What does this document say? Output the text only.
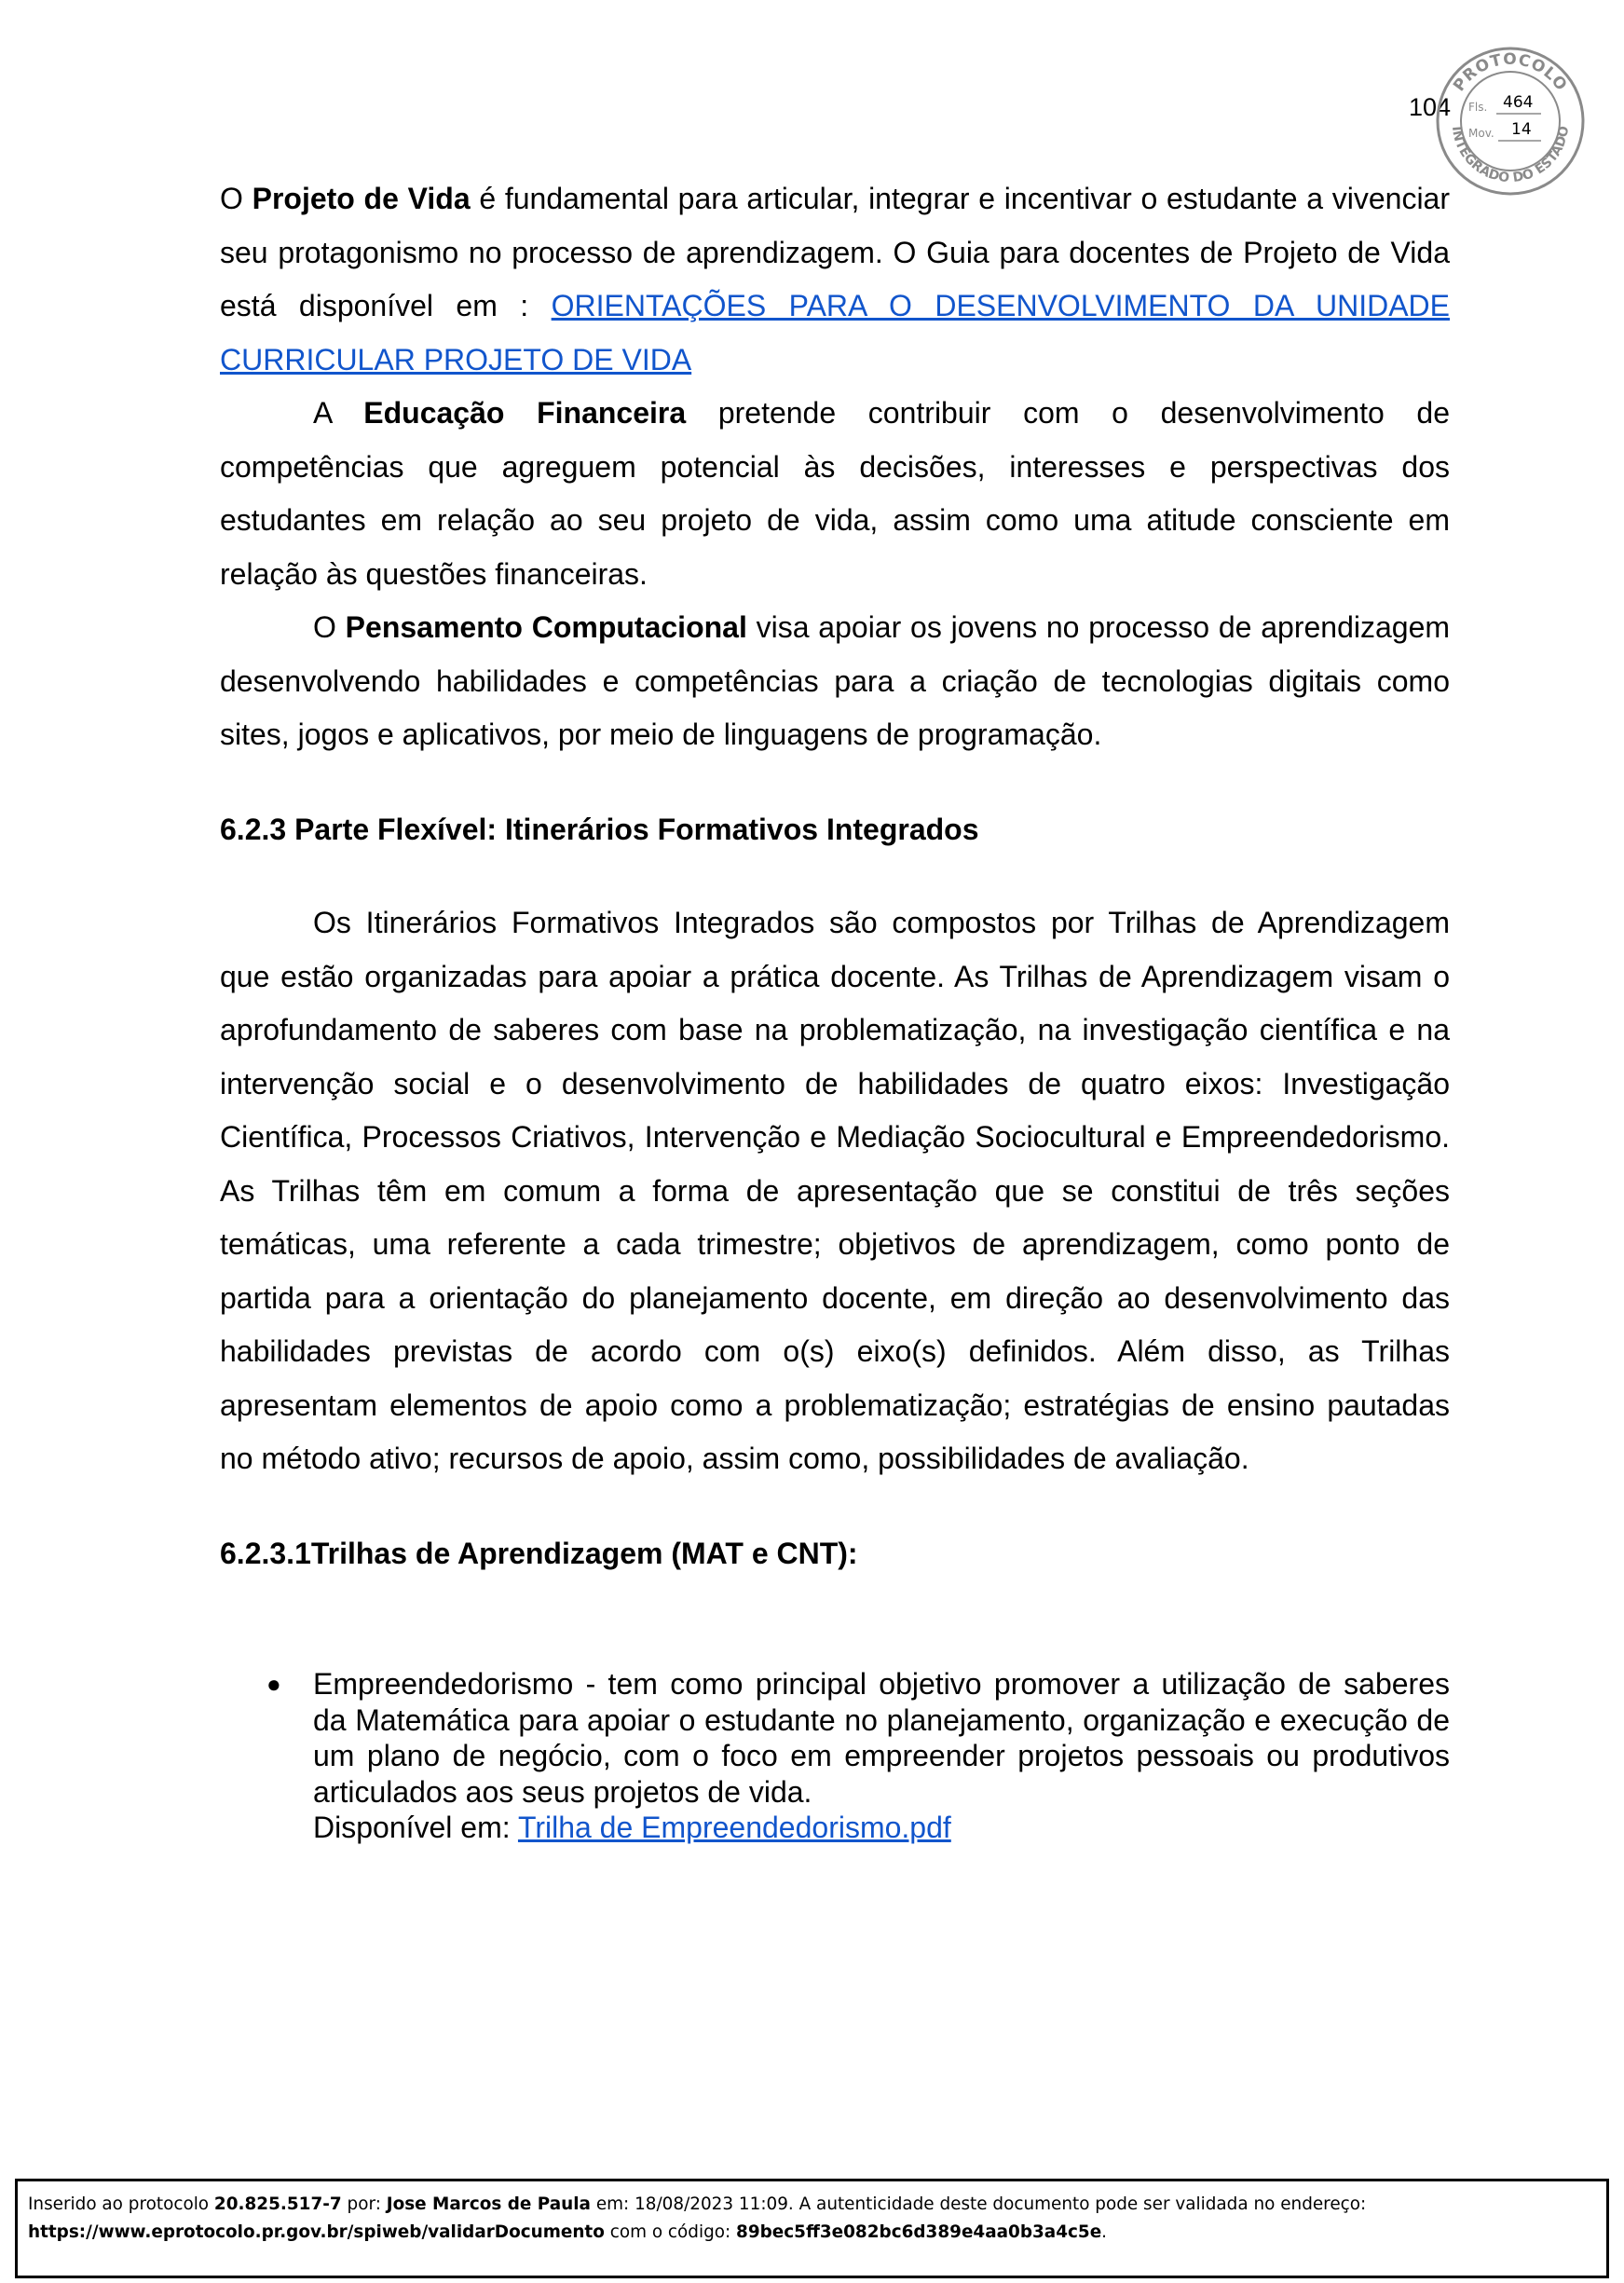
104
PROTOCOLO
INTEGRADO DO ESTADO
Fls. 464
Mov. 14

O Projeto de Vida é fundamental para articular, integrar e incentivar o estudante a vivenciar seu protagonismo no processo de aprendizagem. O Guia para docentes de Projeto de Vida está disponível em : ORIENTAÇÕES PARA O DESENVOLVIMENTO DA UNIDADE CURRICULAR PROJETO DE VIDA

A Educação Financeira pretende contribuir com o desenvolvimento de competências que agreguem potencial às decisões, interesses e perspectivas dos estudantes em relação ao seu projeto de vida, assim como uma atitude consciente em relação às questões financeiras.

O Pensamento Computacional visa apoiar os jovens no processo de aprendizagem desenvolvendo habilidades e competências para a criação de tecnologias digitais como sites, jogos e aplicativos, por meio de linguagens de programação.

6.2.3 Parte Flexível: Itinerários Formativos Integrados

Os Itinerários Formativos Integrados são compostos por Trilhas de Aprendizagem que estão organizadas para apoiar a prática docente. As Trilhas de Aprendizagem visam o aprofundamento de saberes com base na problematização, na investigação científica e na intervenção social e o desenvolvimento de habilidades de quatro eixos: Investigação Científica, Processos Criativos, Intervenção e Mediação Sociocultural e Empreendedorismo. As Trilhas têm em comum a forma de apresentação que se constitui de três seções temáticas, uma referente a cada trimestre; objetivos de aprendizagem, como ponto de partida para a orientação do planejamento docente, em direção ao desenvolvimento das habilidades previstas de acordo com o(s) eixo(s) definidos. Além disso, as Trilhas apresentam elementos de apoio como a problematização; estratégias de ensino pautadas no método ativo; recursos de apoio, assim como, possibilidades de avaliação.

6.2.3.1Trilhas de Aprendizagem (MAT e CNT):
● Empreendedorismo - tem como principal objetivo promover a utilização de saberes da Matemática para apoiar o estudante no planejamento, organização e execução de um plano de negócio, com o foco em empreender projetos pessoais ou produtivos articulados aos seus projetos de vida.
Disponível em: Trilha de Empreendedorismo.pdf
Inserido ao protocolo 20.825.517-7 por: Jose Marcos de Paula em: 18/08/2023 11:09. A autenticidade deste documento pode ser validada no endereço:
https://www.eprotocolo.pr.gov.br/spiweb/validarDocumento com o código: 89bec5ff3e082bc6d389e4aa0b3a4c5e.
